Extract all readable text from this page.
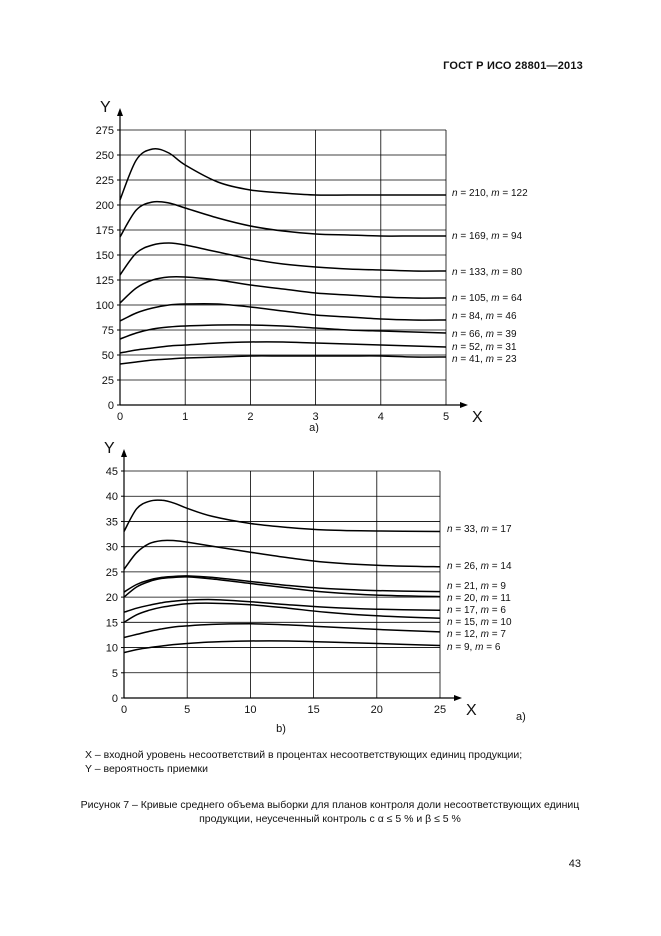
ГОСТ Р ИСО 28801—2013
0
25
50
75
100
125
150
175
200
225
250
275
0	1	2	3	4	5 X
Y
n = 210, m = 122
n = 169, m = 94
n = 133, m = 80
n = 105, m = 64
n = 84, m = 46
n = 66, m = 39
n = 52, m = 31
n = 41, m = 23
a)
0
5
10
15
20
25
30
35
40
45
0	5	10	15	20	25 X
Y
n = 33, m = 17
n = 26, m = 14
n = 21, m = 9
n = 20, m = 11
n = 17, m = 6
n = 15, m = 10
n = 12, m = 7
n = 9, m = 6
b)
a)
X – входной уровень несоответствий в процентах несоответствующих единиц продукции;
Y – вероятность приемки
Рисунок 7 – Кривые среднего объема выборки для планов контроля доли несоответствующих единиц
продукции, неусеченный контроль с α ≤ 5 % и β ≤ 5 %
43
